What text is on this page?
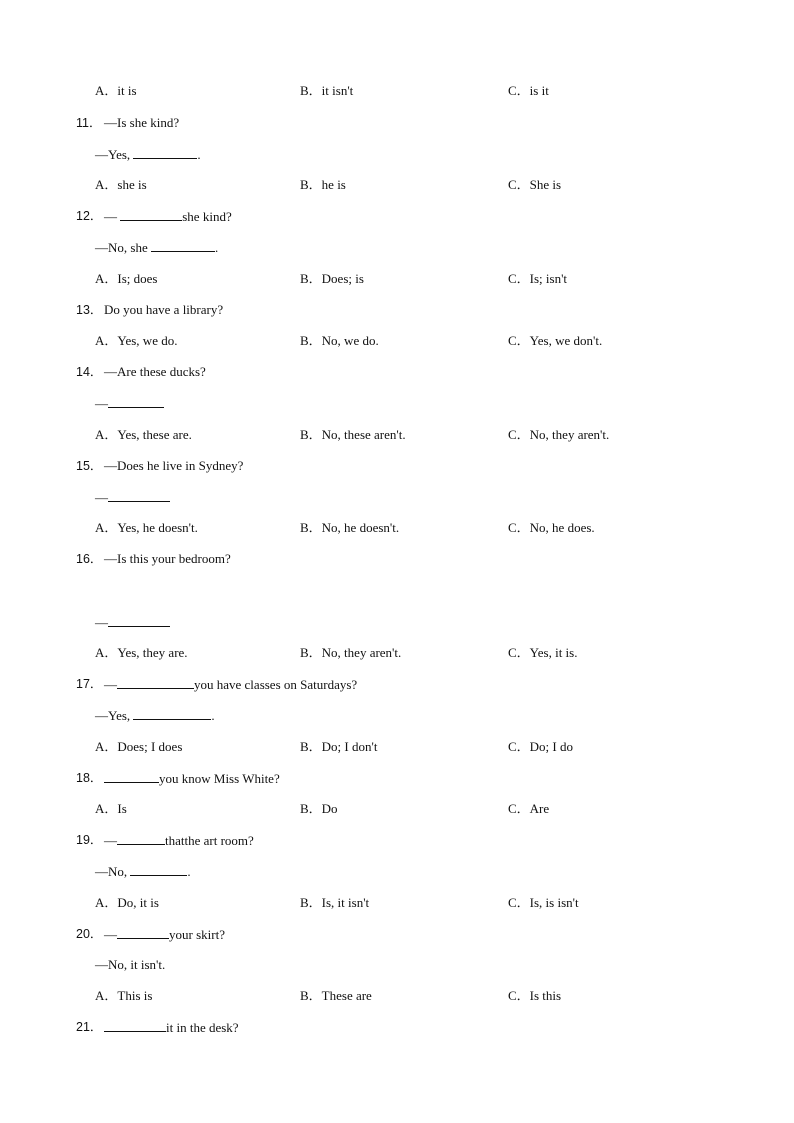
A．it is	B．it isn't	C．is it
11． —Is she kind?
—Yes,	.
A．she is	B．he is	C．She is
12． —	she kind?
—No, she	.
A．Is; does	B．Does; is	C．Is; isn't
13． Do you have a library?
A．Yes, we do.	B．No, we do.	C．Yes, we don't.
14． —Are these ducks?
—
A．Yes, these are.	B．No, these aren't.	C．No, they aren't.
15． —Does he live in Sydney?
—
A．Yes, he doesn't.	B．No, he doesn't.	C．No, he does.
16． —Is this your bedroom?
—
A．Yes, they are.	B．No, they aren't.	C．Yes, it is.
17． —	you have classes on Saturdays?
—Yes,	.
A．Does; I does	B．Do; I don't	C．Do; I do
18．	you know Miss White?
A．Is	B．Do	C．Are
19． —	thatthe art room?
—No,	.
A．Do, it is	B．Is, it isn't	C．Is, is isn't
20． —	your skirt?
—No, it isn't.
A．This is	B．These are	C．Is this
21．	it in the desk?
